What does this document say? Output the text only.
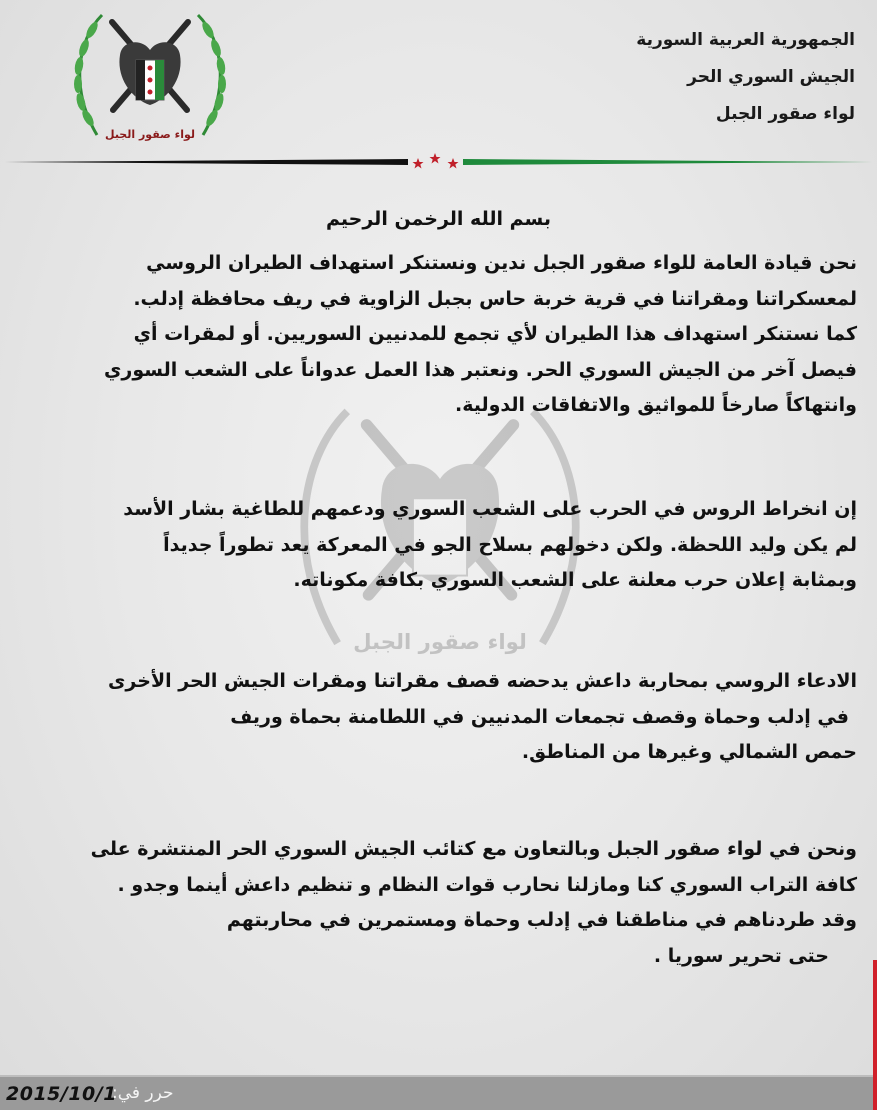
لواء صقور الجبل
الجمهورية العربية السورية
الجيش السوري الحر
لواء صقور الجبل
لواء صقور الجبل
بسم الله الرخمن الرحيم
نحن قيادة العامة للواء صقور الجبل ندين ونستنكر استهداف الطيران الروسي
لمعسكراتنا ومقراتنا في قرية خربة حاس بجبل الزاوية في ريف محافظة إدلب.
كما نستنكر استهداف هذا الطيران لأي تجمع للمدنيين السوريين. أو لمقرات أي
فيصل آخر من الجيش السوري الحر. ونعتبر هذا العمل عدواناً على الشعب السوري
وانتهاكاً صارخاً للمواثيق والاتفاقات الدولية.
إن انخراط الروس في الحرب على الشعب السوري ودعمهم للطاغية بشار الأسد
لم يكن وليد اللحظة. ولكن دخولهم بسلاح الجو في المعركة يعد تطوراً جديداً
وبمثابة إعلان حرب معلنة على الشعب السوري بكافة مكوناته.
الادعاء الروسي بمحاربة داعش يدحضه قصف مقراتنا ومقرات الجيش الحر الأخرى
في إدلب وحماة وقصف تجمعات المدنيين في اللطامنة بحماة وريف
حمص الشمالي وغيرها من المناطق.
ونحن في لواء صقور الجبل وبالتعاون مع كتائب الجيش السوري الحر المنتشرة على
كافة التراب السوري كنا ومازلنا نحارب قوات النظام و تنظيم داعش أينما وجدو .
وقد طردناهم في مناطقنا في إدلب وحماة ومستمرين في محاربتهم
حتى تحرير سوريا .
2015/10/1
حرر في:
